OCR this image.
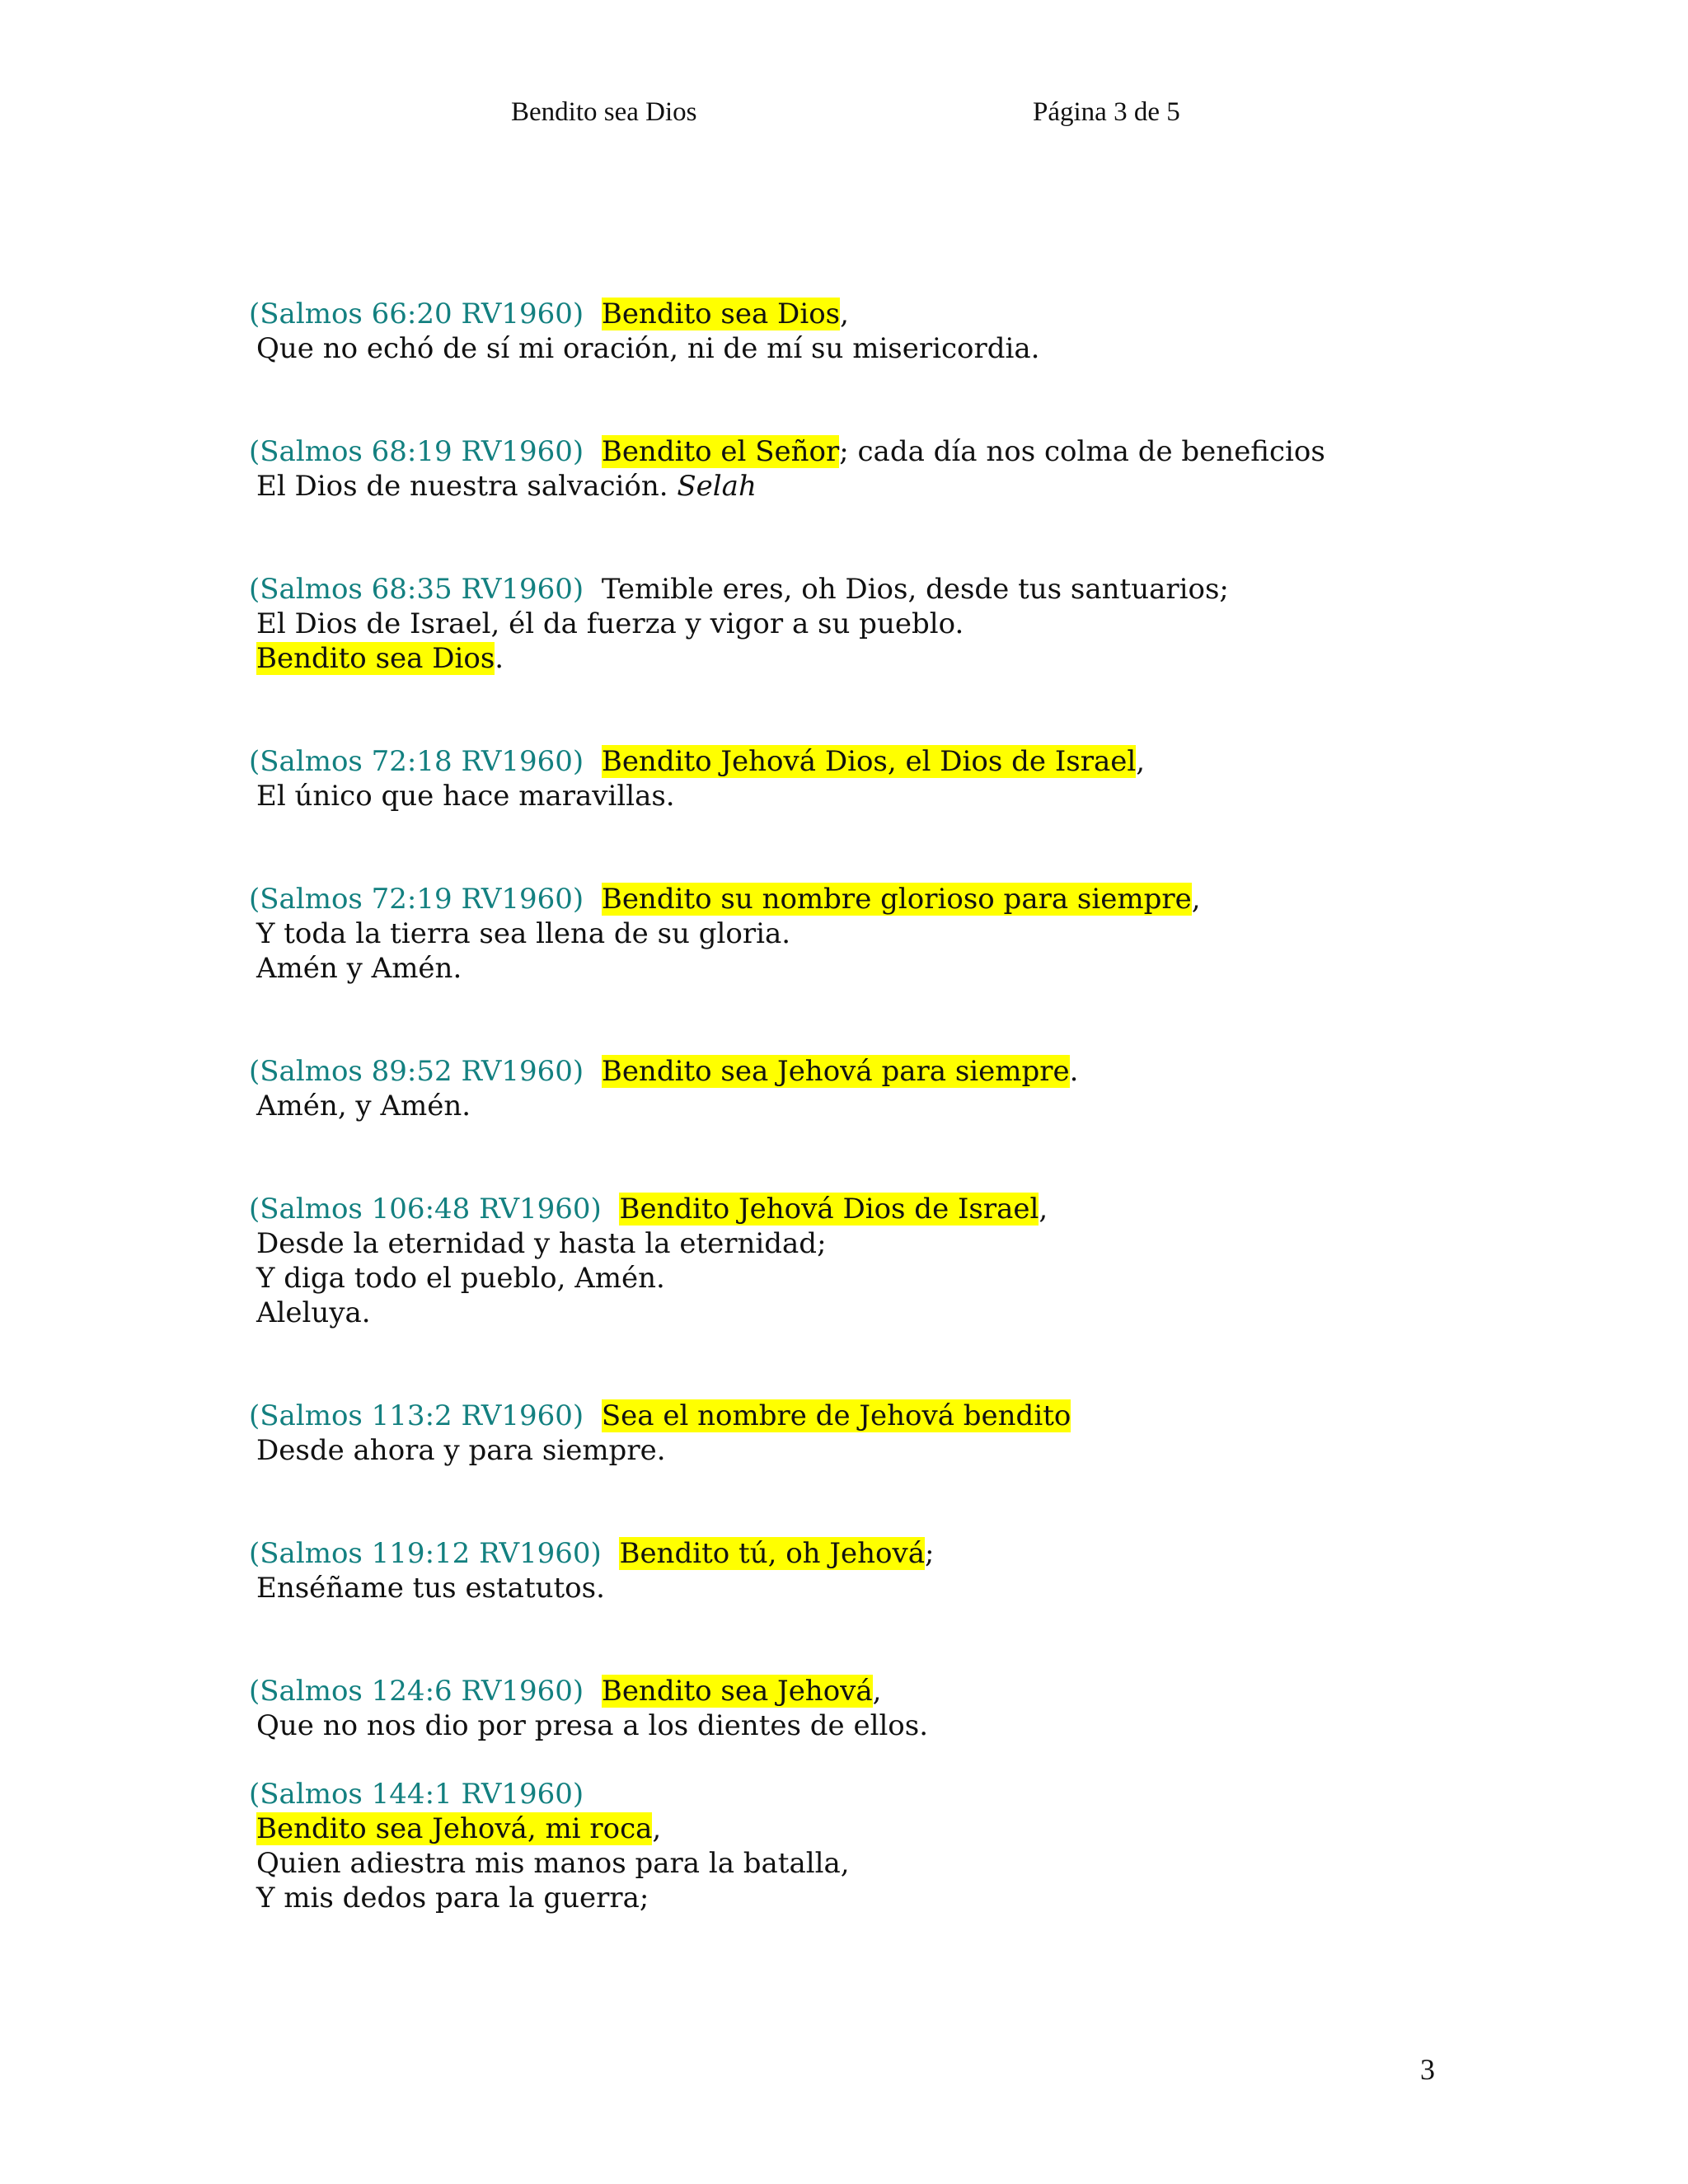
Bendito sea Dios	Página 3 de 5
(Salmos 66:20 RV1960) Bendito sea Dios,
Que no echó de sí mi oración, ni de mí su misericordia.
(Salmos 68:19 RV1960) Bendito el Señor; cada día nos colma de beneficios
El Dios de nuestra salvación. Selah
(Salmos 68:35 RV1960) Temible eres, oh Dios, desde tus santuarios;
El Dios de Israel, él da fuerza y vigor a su pueblo.
Bendito sea Dios.
(Salmos 72:18 RV1960) Bendito Jehová Dios, el Dios de Israel,
El único que hace maravillas.
(Salmos 72:19 RV1960) Bendito su nombre glorioso para siempre,
Y toda la tierra sea llena de su gloria.
Amén y Amén.
(Salmos 89:52 RV1960) Bendito sea Jehová para siempre.
Amén, y Amén.
(Salmos 106:48 RV1960) Bendito Jehová Dios de Israel,
Desde la eternidad y hasta la eternidad;
Y diga todo el pueblo, Amén.
Aleluya.
(Salmos 113:2 RV1960) Sea el nombre de Jehová bendito
Desde ahora y para siempre.
(Salmos 119:12 RV1960) Bendito tú, oh Jehová;
Enséñame tus estatutos.
(Salmos 124:6 RV1960) Bendito sea Jehová,
Que no nos dio por presa a los dientes de ellos.
(Salmos 144:1 RV1960)
Bendito sea Jehová, mi roca,
Quien adiestra mis manos para la batalla,
Y mis dedos para la guerra;
3
